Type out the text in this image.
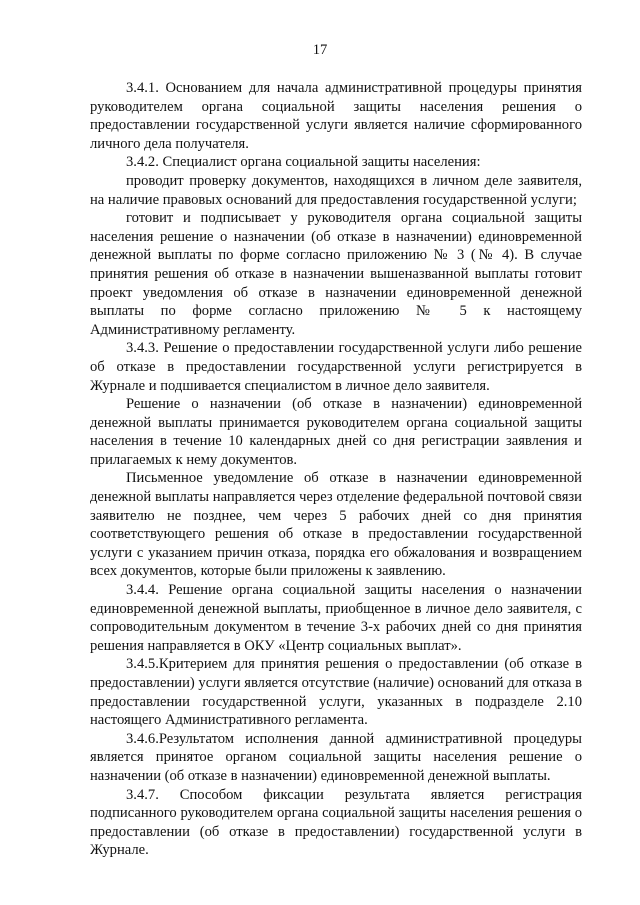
17

3.4.1. Основанием для начала административной процедуры принятия руководителем органа социальной защиты населения решения о предоставлении государственной услуги является наличие сформированного личного дела получателя.

3.4.2. Специалист органа социальной защиты населения:

проводит проверку документов, находящихся в личном деле заявителя, на наличие правовых оснований для предоставления государственной услуги;

готовит и подписывает у руководителя органа социальной защиты населения решение о назначении (об отказе в назначении) единовременной денежной выплаты по форме согласно приложению № 3 (№ 4). В случае принятия решения об отказе в назначении вышеназванной выплаты готовит проект уведомления об отказе в назначении единовременной денежной выплаты по форме согласно приложению № 5 к настоящему Административному регламенту.

3.4.3. Решение о предоставлении государственной услуги либо решение об отказе в предоставлении государственной услуги регистрируется в Журнале и подшивается специалистом в личное дело заявителя.

Решение о назначении (об отказе в назначении) единовременной денежной выплаты принимается руководителем органа социальной защиты населения в течение 10 календарных дней со дня регистрации заявления и прилагаемых к нему документов.

Письменное уведомление об отказе в назначении единовременной денежной выплаты направляется через отделение федеральной почтовой связи заявителю не позднее, чем через 5 рабочих дней со дня принятия соответствующего решения об отказе в предоставлении государственной услуги с указанием причин отказа, порядка его обжалования и возвращением всех документов, которые были приложены к заявлению.

3.4.4. Решение органа социальной защиты населения о назначении единовременной денежной выплаты, приобщенное в личное дело заявителя, с сопроводительным документом в течение 3-х рабочих дней со дня принятия решения направляется в ОКУ «Центр социальных выплат».

3.4.5.Критерием для принятия решения о предоставлении (об отказе в предоставлении) услуги является отсутствие (наличие) оснований для отказа в предоставлении государственной услуги, указанных в подразделе 2.10 настоящего Административного регламента.

3.4.6.Результатом исполнения данной административной процедуры является принятое органом социальной защиты населения решение о назначении (об отказе в назначении) единовременной денежной выплаты.

3.4.7. Способом фиксации результата является регистрация подписанного руководителем органа социальной защиты населения решения о предоставлении (об отказе в предоставлении) государственной услуги в Журнале.
